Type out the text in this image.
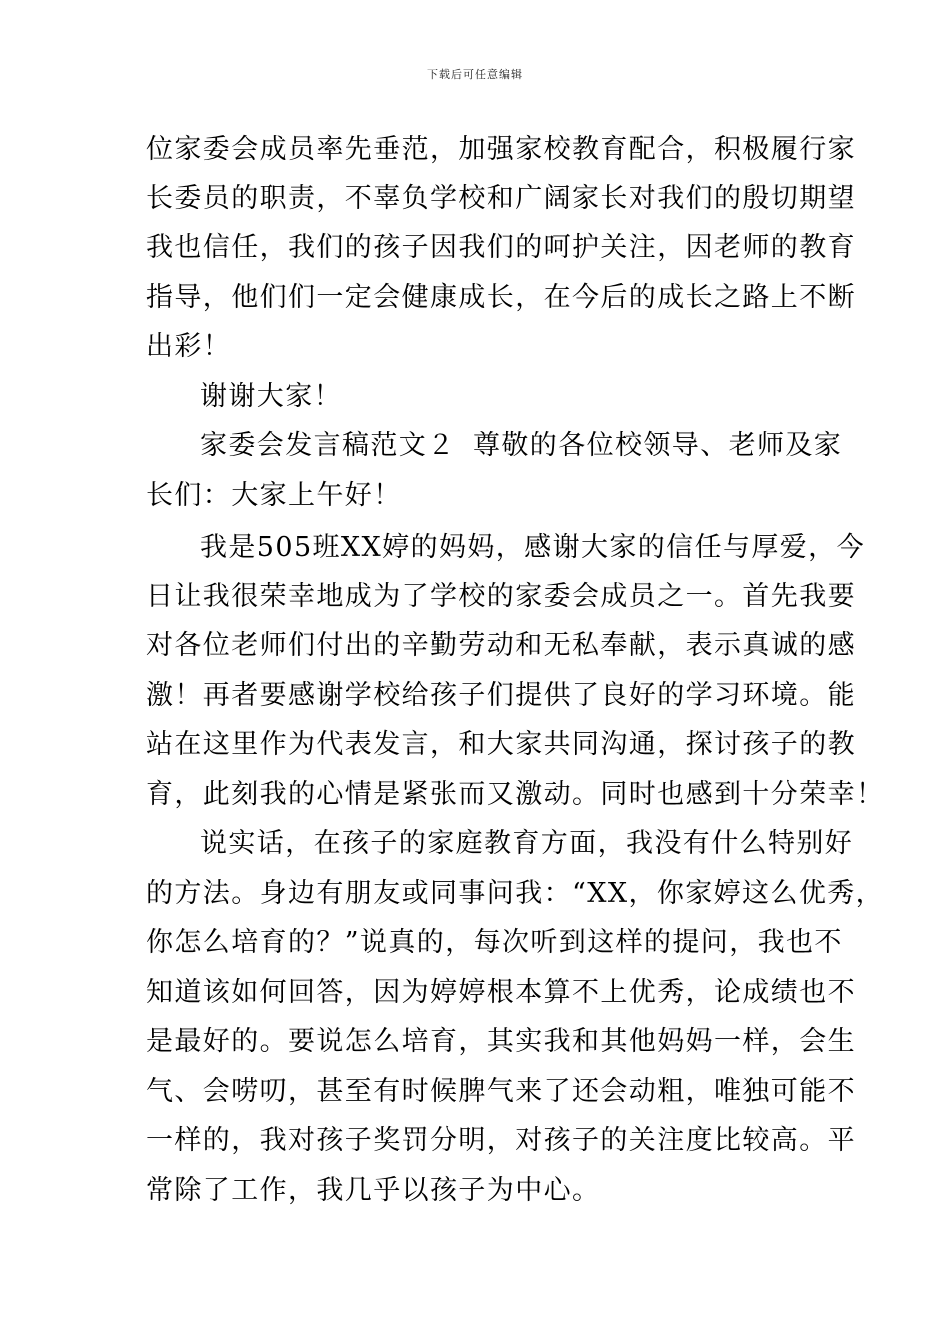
下载后可任意编辑
位家委会成员率先垂范，加强家校教育配合，积极履行家
长委员的职责，不辜负学校和广阔家长对我们的殷切期望
我也信任，我们的孩子因我们的呵护关注，因老师的教育
指导，他们们一定会健康成长，在今后的成长之路上不断
出彩！
谢谢大家！
家委会发言稿范文２ 尊敬的各位校领导、老师及家
长们：大家上午好！
我是505班XX婷的妈妈，感谢大家的信任与厚爱，今
日让我很荣幸地成为了学校的家委会成员之一。首先我要
对各位老师们付出的辛勤劳动和无私奉献，表示真诚的感
激！再者要感谢学校给孩子们提供了良好的学习环境。能
站在这里作为代表发言，和大家共同沟通，探讨孩子的教
育，此刻我的心情是紧张而又激动。同时也感到十分荣幸！
说实话，在孩子的家庭教育方面，我没有什么特别好
的方法。身边有朋友或同事问我：“XX，你家婷这么优秀，
你怎么培育的？”说真的，每次听到这样的提问，我也不
知道该如何回答，因为婷婷根本算不上优秀，论成绩也不
是最好的。要说怎么培育，其实我和其他妈妈一样，会生
气、会唠叨，甚至有时候脾气来了还会动粗，唯独可能不
一样的，我对孩子奖罚分明，对孩子的关注度比较高。平
常除了工作，我几乎以孩子为中心。
